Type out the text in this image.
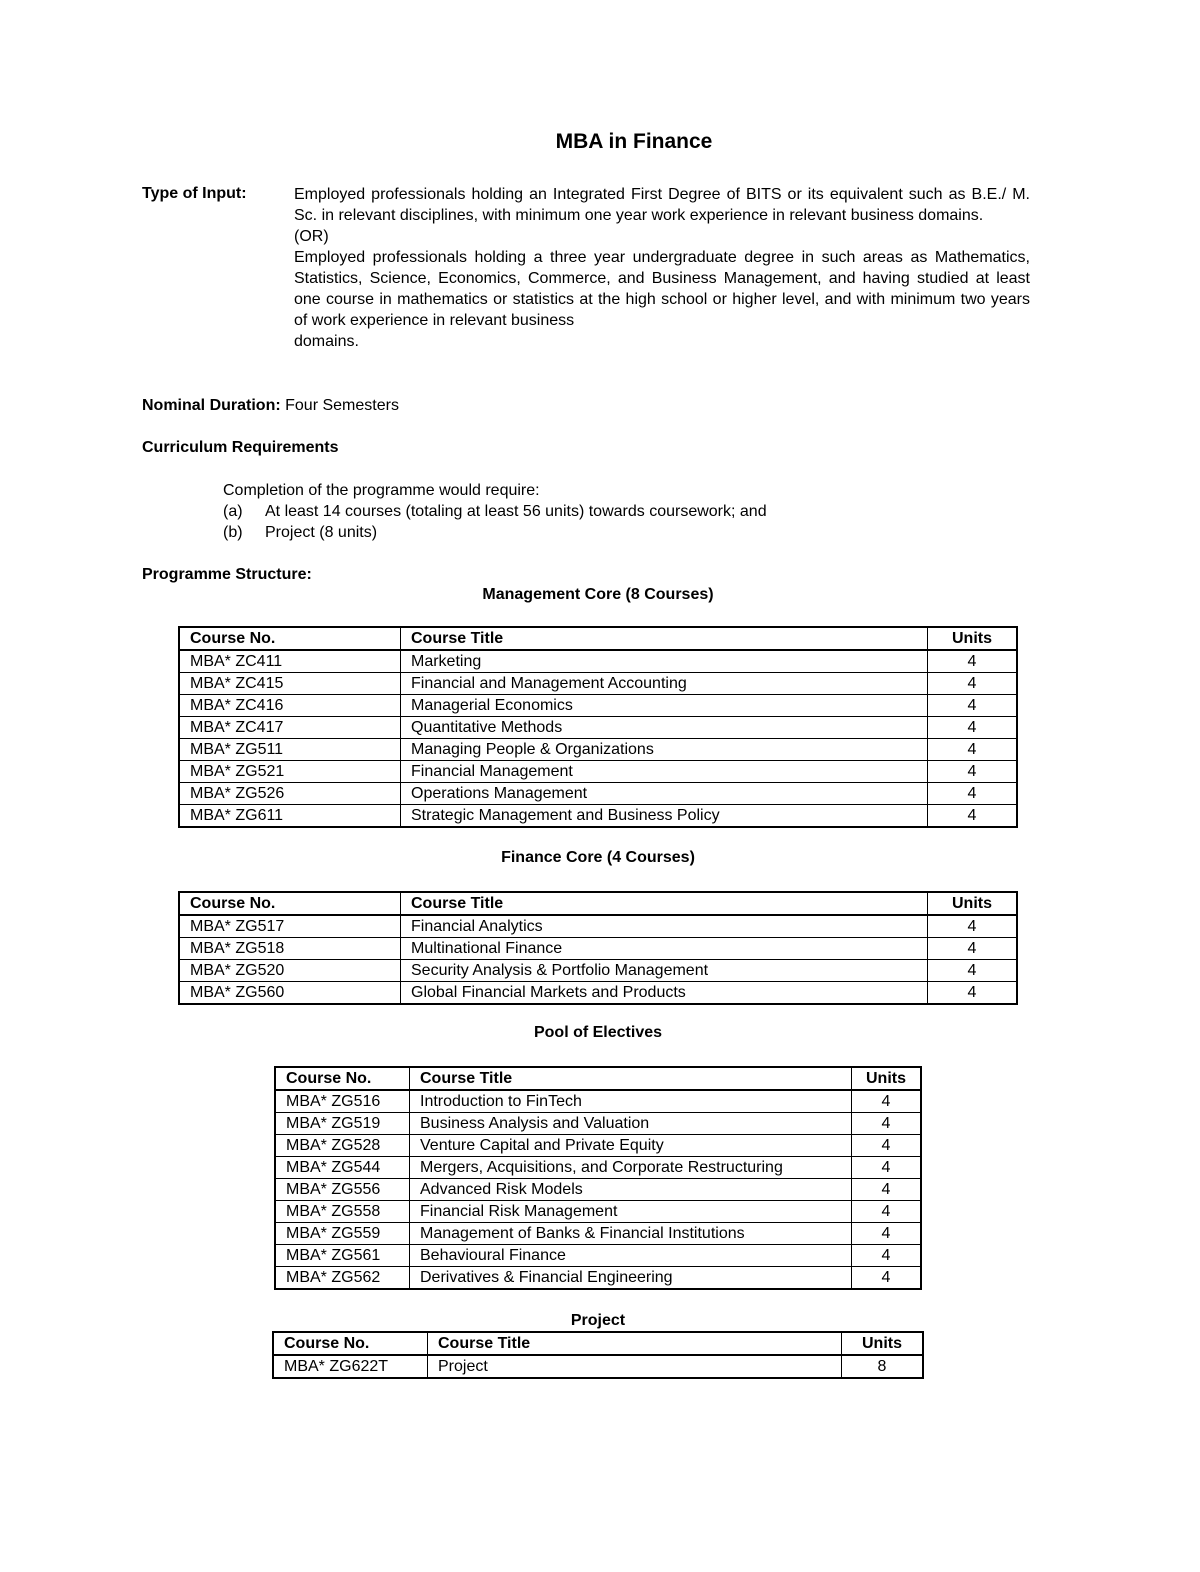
MBA in Finance
Type of Input:	Employed professionals holding an Integrated First Degree of BITS or its equivalent such as B.E./ M. Sc. in relevant disciplines, with minimum one year work experience in relevant business domains.

(OR)

Employed professionals holding a three year undergraduate degree in such areas as Mathematics, Statistics, Science, Economics, Commerce, and Business Management, and having studied at least one course in mathematics or statistics at the high school or higher level, and with minimum two years of work experience in relevant business

domains.

Nominal Duration: Four Semesters
Curriculum Requirements
Completion of the programme would require:
(a)	At least 14 courses (totaling at least 56 units) towards coursework; and
(b)	Project (8 units)
Programme Structure:
Management Core (8 Courses)
Course No.	Course Title	Units
MBA* ZC411	Marketing	4
MBA* ZC415	Financial and Management Accounting	4
MBA* ZC416	Managerial Economics	4
MBA* ZC417	Quantitative Methods	4
MBA* ZG511	Managing People & Organizations	4
MBA* ZG521	Financial Management	4
MBA* ZG526	Operations Management	4
MBA* ZG611	Strategic Management and Business Policy	4
Finance Core (4 Courses)
Course No.	Course Title	Units
MBA* ZG517	Financial Analytics	4
MBA* ZG518	Multinational Finance	4
MBA* ZG520	Security Analysis & Portfolio Management	4
MBA* ZG560	Global Financial Markets and Products	4
Pool of Electives
Course No.	Course Title	Units
MBA* ZG516	Introduction to FinTech	4
MBA* ZG519	Business Analysis and Valuation	4
MBA* ZG528	Venture Capital and Private Equity	4
MBA* ZG544	Mergers, Acquisitions, and Corporate Restructuring	4
MBA* ZG556	Advanced Risk Models	4
MBA* ZG558	Financial Risk Management	4
MBA* ZG559	Management of Banks & Financial Institutions	4
MBA* ZG561	Behavioural Finance	4
MBA* ZG562	Derivatives & Financial Engineering	4
Project
Course No.	Course Title	Units
MBA* ZG622T	Project	8
